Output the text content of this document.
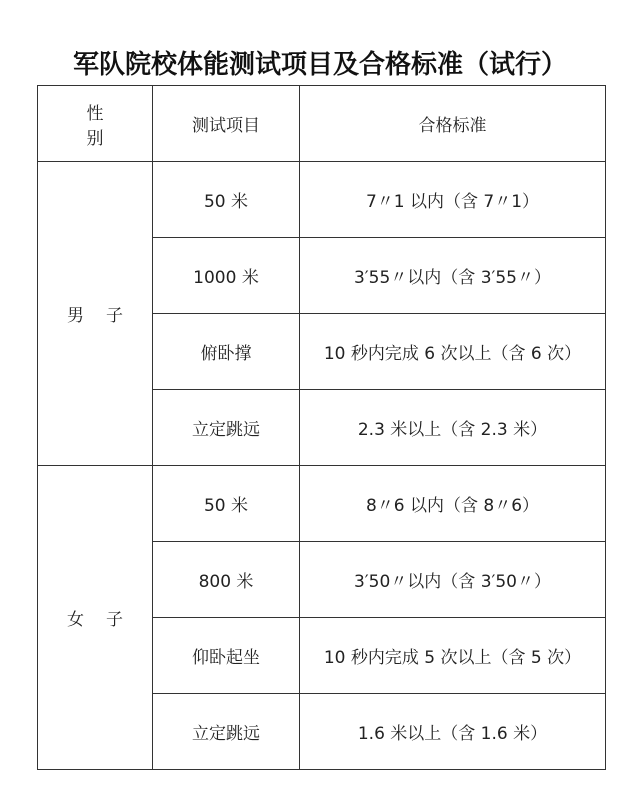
军队院校体能测试项目及合格标准（试行）
性 别	测试项目	合格标准
男子	50 米	7〃1 以内（含 7〃1）
	1000 米	3′55〃以内（含 3′55〃）
	俯卧撑	10 秒内完成 6 次以上（含 6 次）
	立定跳远	2.3 米以上（含 2.3 米）
女子	50 米	8〃6 以内（含 8〃6）
	800 米	3′50〃以内（含 3′50〃）
	仰卧起坐	10 秒内完成 5 次以上（含 5 次）
	立定跳远	1.6 米以上（含 1.6 米）
